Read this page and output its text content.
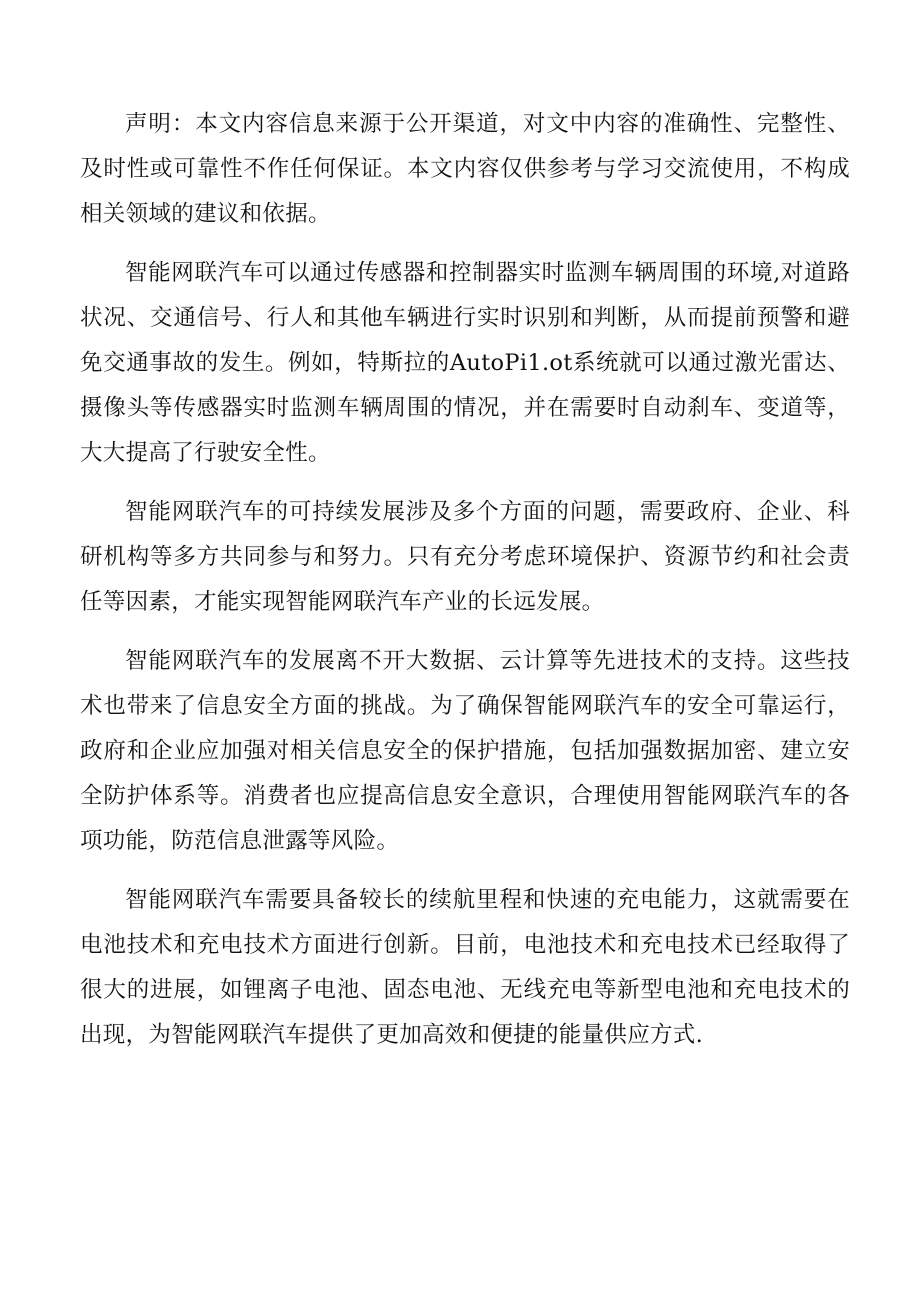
声明：本文内容信息来源于公开渠道，对文中内容的准确性、完整性、及时性或可靠性不作任何保证。本文内容仅供参考与学习交流使用，不构成相关领域的建议和依据。

智能网联汽车可以通过传感器和控制器实时监测车辆周围的环境,对道路状况、交通信号、行人和其他车辆进行实时识别和判断，从而提前预警和避免交通事故的发生。例如，特斯拉的AutoPi1.ot系统就可以通过激光雷达、摄像头等传感器实时监测车辆周围的情况，并在需要时自动刹车、变道等，大大提高了行驶安全性。

智能网联汽车的可持续发展涉及多个方面的问题，需要政府、企业、科研机构等多方共同参与和努力。只有充分考虑环境保护、资源节约和社会责任等因素，才能实现智能网联汽车产业的长远发展。

智能网联汽车的发展离不开大数据、云计算等先进技术的支持。这些技术也带来了信息安全方面的挑战。为了确保智能网联汽车的安全可靠运行，政府和企业应加强对相关信息安全的保护措施，包括加强数据加密、建立安全防护体系等。消费者也应提高信息安全意识，合理使用智能网联汽车的各项功能，防范信息泄露等风险。

智能网联汽车需要具备较长的续航里程和快速的充电能力，这就需要在电池技术和充电技术方面进行创新。目前，电池技术和充电技术已经取得了很大的进展，如锂离子电池、固态电池、无线充电等新型电池和充电技术的出现，为智能网联汽车提供了更加高效和便捷的能量供应方式.
